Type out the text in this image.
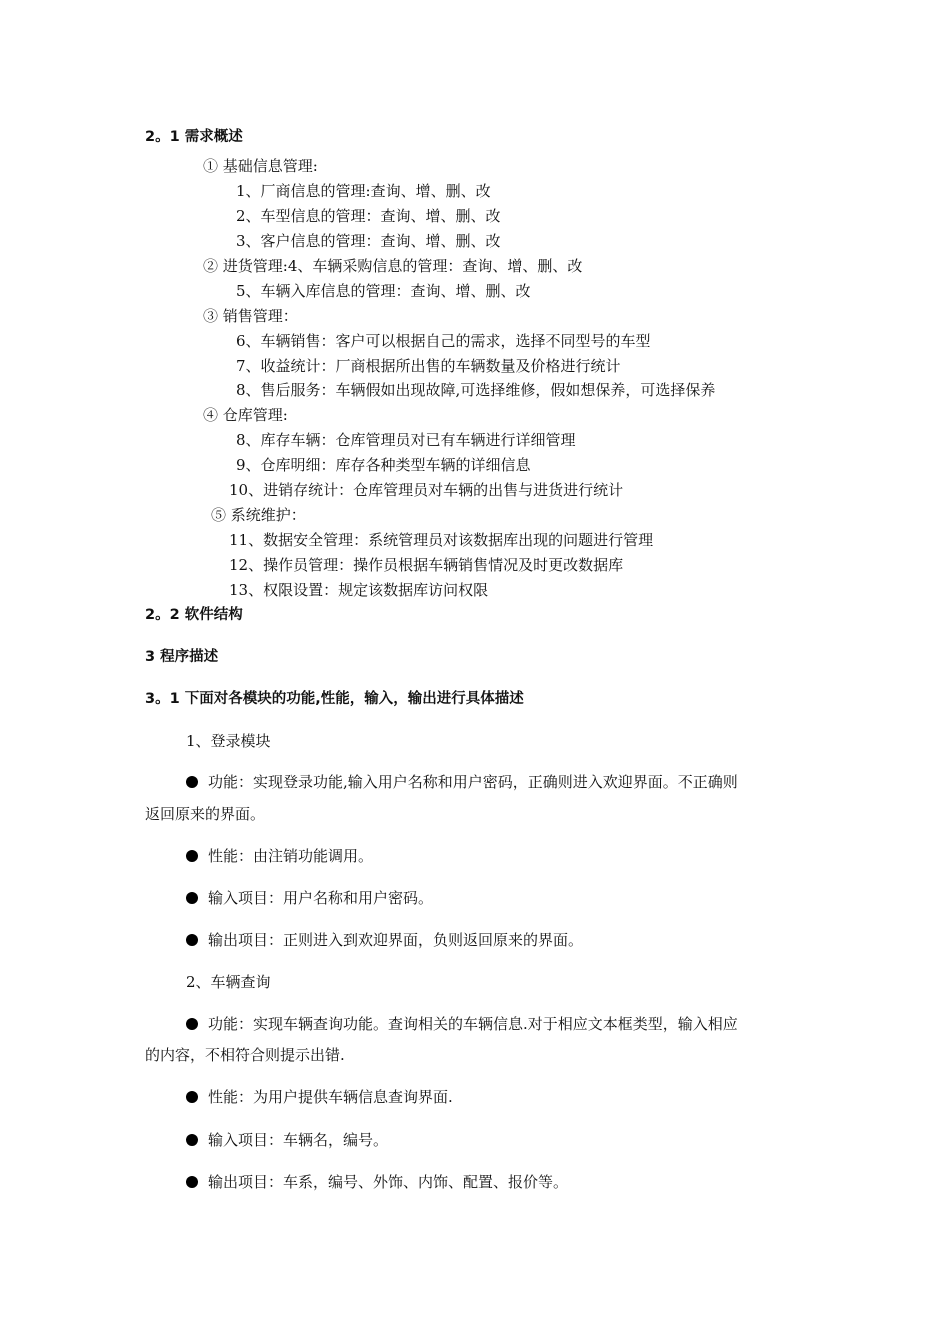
2。1 需求概述
① 基础信息管理:
1、厂商信息的管理:查询、增、删、改
2、车型信息的管理：查询、增、删、改
3、客户信息的管理：查询、增、删、改
② 进货管理:4、车辆采购信息的管理：查询、增、删、改
5、车辆入库信息的管理：查询、增、删、改
③ 销售管理：
6、车辆销售：客户可以根据自己的需求，选择不同型号的车型
7、收益统计：厂商根据所出售的车辆数量及价格进行统计
8、售后服务：车辆假如出现故障,可选择维修，假如想保养，可选择保养
④ 仓库管理:
8、库存车辆：仓库管理员对已有车辆进行详细管理
9、仓库明细：库存各种类型车辆的详细信息
10、进销存统计：仓库管理员对车辆的出售与进货进行统计
⑤ 系统维护：
11、数据安全管理：系统管理员对该数据库出现的问题进行管理
12、操作员管理：操作员根据车辆销售情况及时更改数据库
13、权限设置：规定该数据库访问权限
2。2 软件结构
3 程序描述
3。1 下面对各模块的功能,性能，输入，输出进行具体描述
1、登录模块
功能：实现登录功能,输入用户名称和用户密码，正确则进入欢迎界面。不正确则
返回原来的界面。
性能：由注销功能调用。
输入项目：用户名称和用户密码。
输出项目：正则进入到欢迎界面，负则返回原来的界面。
2、车辆查询
功能：实现车辆查询功能。查询相关的车辆信息.对于相应文本框类型，输入相应
的内容，不相符合则提示出错.
性能：为用户提供车辆信息查询界面.
输入项目：车辆名，编号。
输出项目：车系，编号、外饰、内饰、配置、报价等。
